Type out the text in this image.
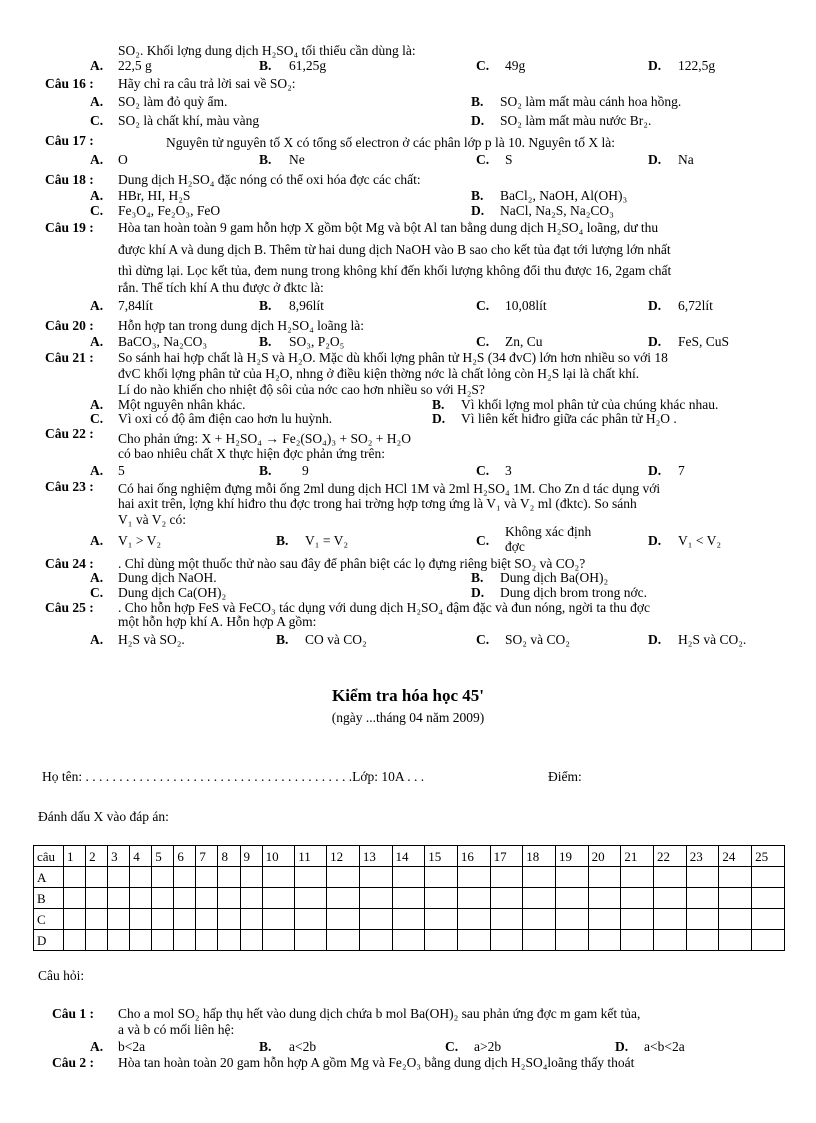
SO₂. Khối lợng dung dịch H₂SO₄ tối thiểu cần dùng là:
A. 22,5 g	B. 61,25g	C. 49g	D. 122,5g
Câu 16 : Hãy chỉ ra câu trả lời sai về SO₂:
A. SO₂ làm đỏ quỳ ẩm.	B. SO₂ làm mất màu cánh hoa hồng.
C. SO₂ là chất khí, màu vàng	D. SO₂ làm mất màu nước Br₂.
Câu 17 :	Nguyên tử nguyên tố X có tổng số electron ở các phân lớp p là 10. Nguyên tố X là:
A. O	B. Ne	C. S	D. Na
Câu 18 : Dung dịch H₂SO₄ đặc nóng có thể oxi hóa đợc các chất:
A. HBr, HI, H₂S	B. BaCl₂, NaOH, Al(OH)₃
C. Fe₃O₄, Fe₂O₃, FeO	D. NaCl, Na₂S, Na₂CO₃
Câu 19 : Hòa tan hoàn toàn 9 gam hỗn hợp X gồm bột Mg và bột Al tan bằng dung dịch H₂SO₄ loãng, dư thu
được khí A và dung dịch B. Thêm từ hai dung dịch NaOH vào B sao cho kết tủa đạt tới lượng lớn nhất
thì dừng lại. Lọc kết tủa, đem nung trong không khí đến khối lượng không đổi thu được 16, 2gam chất
rắn. Thể tích khí A thu được ở đktc là:
A. 7,84lít	B. 8,96lít	C. 10,08lít	D. 6,72lít
Câu 20 : Hỗn hợp tan trong dung dịch H₂SO₄ loãng là:
A. BaCO₃, Na₂CO₃	B. SO₃, P₂O₅	C. Zn, Cu	D. FeS, CuS
Câu 21 : So sánh hai hợp chất là H₂S và H₂O. Mặc dù khối lợng phân tử H₂S (34 đvC) lớn hơn nhiều so với 18
đvC khối lợng phân tử của H₂O, nhng ở điều kiện thờng nớc là chất lỏng còn H₂S lại là chất khí.
Lí do nào khiến cho nhiệt độ sôi của nớc cao hơn nhiều so với H₂S?
A. Một nguyên nhân khác.	B. Vì khối lợng mol phân tử của chúng khác nhau.
C. Vì oxi có độ âm điện cao hơn lu huỳnh.	D. Vì liên kết hiđro giữa các phân tử H₂O .
Câu 22 : Cho phản ứng: X + H₂SO₄ → Fe₂(SO₄)₃ + SO₂ + H₂O
có bao nhiêu chất X thực hiện đợc phản ứng trên:
A. 5	B. 9	C. 3	D. 7
Câu 23 : Có hai ống nghiệm đựng mỗi ống 2ml dung dịch HCl 1M và 2ml H₂SO₄ 1M. Cho Zn d tác dụng với
hai axit trên, lợng khí hiđro thu đợc trong hai trờng hợp tơng ứng là V₁ và V₂ ml (đktc). So sánh
V₁ và V₂ có:
A. V₁ > V₂	B. V₁ = V₂	C.
Không xác định
đợc	D. V₁ < V₂
Câu 24 : . Chỉ dùng một thuốc thử nào sau đây để phân biệt các lọ đựng riêng biệt SO₂ và CO₂?
A. Dung dịch NaOH.	B. Dung dịch Ba(OH)₂
C. Dung dịch Ca(OH)₂	D. Dung dịch brom trong nớc.
Câu 25 : . Cho hỗn hợp FeS và FeCO₃ tác dụng với dung dịch H₂SO₄ đậm đặc và đun nóng, ngời ta thu đợc
một hỗn hợp khí A. Hỗn hợp A gồm:
A. H₂S và SO₂.	B. CO và CO₂	C. SO₂ và CO₂	D. H₂S và CO₂.
Kiểm tra hóa học 45'
(ngày ...tháng 04 năm 2009)
Họ tên: . . . . . . . . . . . . . . . . . . . . . . . . . . . . . . . . . . . . . . . .Lớp: 10A . . .	Điểm:
Đánh dấu X vào đáp án:
câu	1	2	3	4	5	6	7	8	9	10	11	12	13	14	15	16	17	18	19	20	21	22	23	24	25
A																									
B																									
C																									
D																									
Câu hỏi:
Câu 1 : Cho a mol SO₂ hấp thụ hết vào dung dịch chứa b mol Ba(OH)₂ sau phản ứng đợc m gam kết tủa,
a và b có mối liên hệ:
A. b<2a	B. a<2b	C. a>2b	D. a<b<2a
Câu 2 : Hòa tan hoàn toàn 20 gam hỗn hợp A gồm Mg và Fe₂O₃ bằng dung dịch H₂SO₄loãng thấy thoát
